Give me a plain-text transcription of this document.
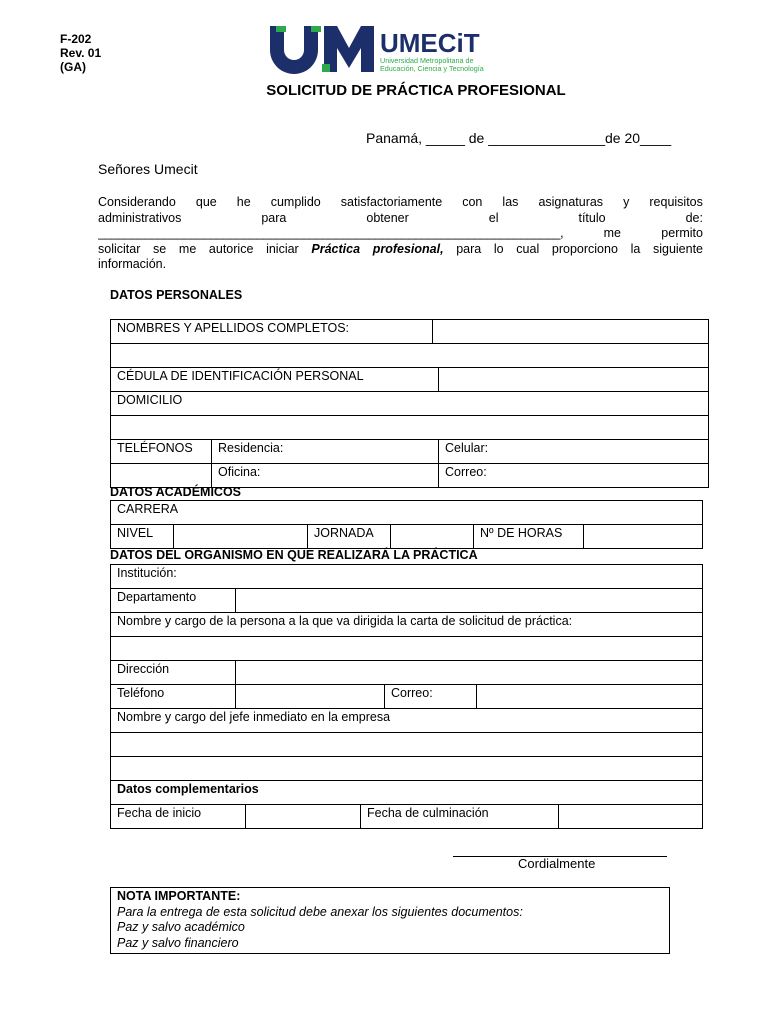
F-202
Rev. 01
(GA)
UMECiT
Universidad Metropolitana de
Educación, Ciencia y Tecnología
SOLICITUD DE PRÁCTICA PROFESIONAL
Panamá, _____ de _______________de 20____
Señores Umecit
Considerando que he cumplido satisfactoriamente con las asignaturas y requisitos
administrativos	para	obtener	el	título	de:
______________________________________________________________________,	me	permito
solicitar se me autorice iniciar Práctica profesional, para lo cual proporciono la siguiente
información.
DATOS PERSONALES
NOMBRES Y APELLIDOS COMPLETOS:			

CÉDULA DE IDENTIFICACIÓN PERSONAL			
DOMICILIO			

TELÉFONOS	Residencia:		Celular:
	Oficina:		Correo:
DATOS ACADÉMICOS
CARRERA
NIVEL		JORNADA		Nº DE HORAS	
DATOS DEL ORGANISMO EN QUE REALIZARÁ LA PRÁCTICA
Institución:						
Departamento						
Nombre y cargo de la persona a la que va dirigida la carta de solicitud de práctica:						

Dirección						
Teléfono				Correo:		
Nombre y cargo del jefe inmediato en la empresa						

Datos complementarios						
Fecha de inicio			Fecha de culminación			
Cordialmente
NOTA IMPORTANTE:
Para la entrega de esta solicitud debe anexar los siguientes documentos:
Paz y salvo académico
Paz y salvo financiero
